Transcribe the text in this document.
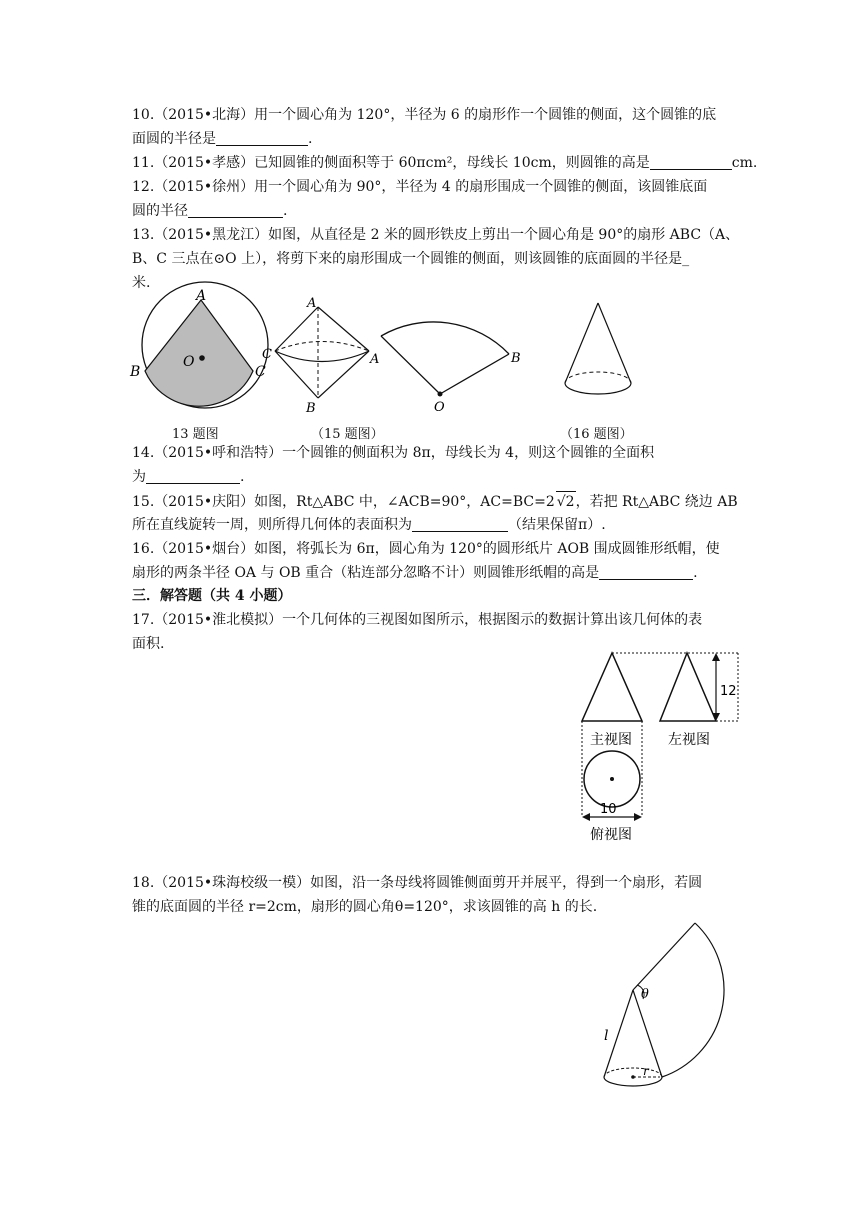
10.（2015•北海）用一个圆心角为 120°，半径为 6 的扇形作一个圆锥的侧面，这个圆锥的底
面圆的半径是	.
11.（2015•孝感）已知圆锥的侧面积等于 60πcm²，母线长 10cm，则圆锥的高是	cm.
12.（2015•徐州）用一个圆心角为 90°，半径为 4 的扇形围成一个圆锥的侧面，该圆锥底面
圆的半径	.
13.（2015•黑龙江）如图，从直径是 2 米的圆形铁皮上剪出一个圆心角是 90°的扇形 ABC（A、
B、C 三点在⊙O 上），将剪下来的扇形围成一个圆锥的侧面，则该圆锥的底面圆的半径是_
米.
A
B	C
O
A
C	A
B
B
O
13 题图	（15 题图）	（16 题图）
14.（2015•呼和浩特）一个圆锥的侧面积为 8π，母线长为 4，则这个圆锥的全面积
为	.
15.（2015•庆阳）如图，Rt△ABC 中，∠ACB=90°，AC=BC=2 √2，若把 Rt△ABC 绕边 AB
所在直线旋转一周，则所得几何体的表面积为	（结果保留π）.
16.（2015•烟台）如图，将弧长为 6π，圆心角为 120°的圆形纸片 AOB 围成圆锥形纸帽，使
扇形的两条半径 OA 与 OB 重合（粘连部分忽略不计）则圆锥形纸帽的高是	.
三．解答题（共 4 小题）
17.（2015•淮北模拟）一个几何体的三视图如图所示，根据图示的数据计算出该几何体的表
面积.
12
主视图	左视图
10
俯视图
18.（2015•珠海校级一模）如图，沿一条母线将圆锥侧面剪开并展平，得到一个扇形，若圆
锥的底面圆的半径 r=2cm，扇形的圆心角θ=120°，求该圆锥的高 h 的长.
θ
l
r
